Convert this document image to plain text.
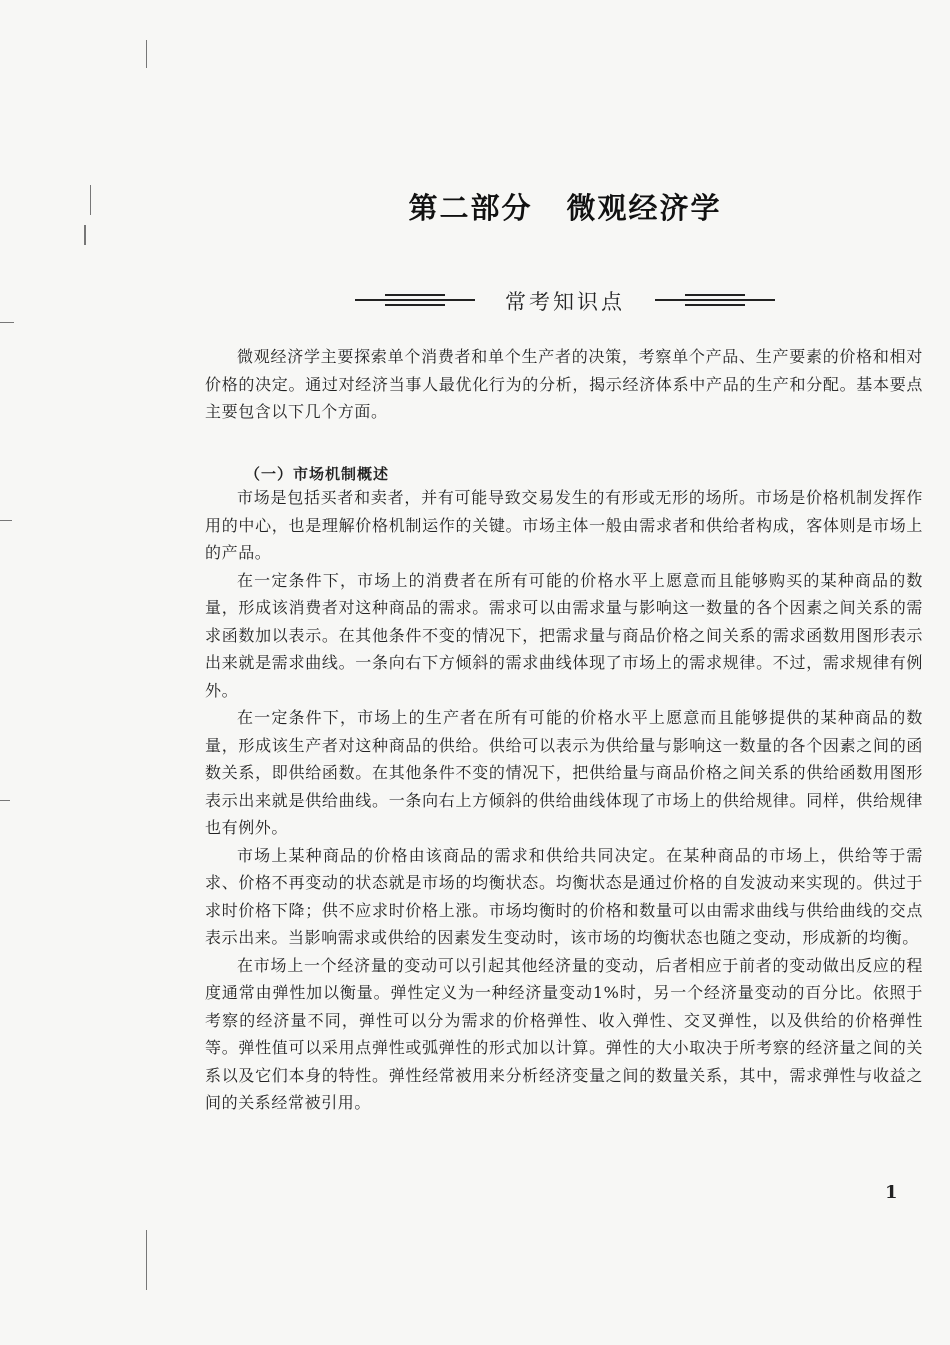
第二部分 微观经济学
常考知识点

微观经济学主要探索单个消费者和单个生产者的决策，考察单个产品、生产要素的价格和相对价格的决定。通过对经济当事人最优化行为的分析，揭示经济体系中产品的生产和分配。基本要点主要包含以下几个方面。

（一）市场机制概述

市场是包括买者和卖者，并有可能导致交易发生的有形或无形的场所。市场是价格机制发挥作用的中心，也是理解价格机制运作的关键。市场主体一般由需求者和供给者构成，客体则是市场上的产品。

在一定条件下，市场上的消费者在所有可能的价格水平上愿意而且能够购买的某种商品的数量，形成该消费者对这种商品的需求。需求可以由需求量与影响这一数量的各个因素之间关系的需求函数加以表示。在其他条件不变的情况下，把需求量与商品价格之间关系的需求函数用图形表示出来就是需求曲线。一条向右下方倾斜的需求曲线体现了市场上的需求规律。不过，需求规律有例外。

在一定条件下，市场上的生产者在所有可能的价格水平上愿意而且能够提供的某种商品的数量，形成该生产者对这种商品的供给。供给可以表示为供给量与影响这一数量的各个因素之间的函数关系，即供给函数。在其他条件不变的情况下，把供给量与商品价格之间关系的供给函数用图形表示出来就是供给曲线。一条向右上方倾斜的供给曲线体现了市场上的供给规律。同样，供给规律也有例外。

市场上某种商品的价格由该商品的需求和供给共同决定。在某种商品的市场上，供给等于需求、价格不再变动的状态就是市场的均衡状态。均衡状态是通过价格的自发波动来实现的。供过于求时价格下降；供不应求时价格上涨。市场均衡时的价格和数量可以由需求曲线与供给曲线的交点表示出来。当影响需求或供给的因素发生变动时，该市场的均衡状态也随之变动，形成新的均衡。

在市场上一个经济量的变动可以引起其他经济量的变动，后者相应于前者的变动做出反应的程度通常由弹性加以衡量。弹性定义为一种经济量变动1%时，另一个经济量变动的百分比。依照于考察的经济量不同，弹性可以分为需求的价格弹性、收入弹性、交叉弹性，以及供给的价格弹性等。弹性值可以采用点弹性或弧弹性的形式加以计算。弹性的大小取决于所考察的经济量之间的关系以及它们本身的特性。弹性经常被用来分析经济变量之间的数量关系，其中，需求弹性与收益之间的关系经常被引用。

1
